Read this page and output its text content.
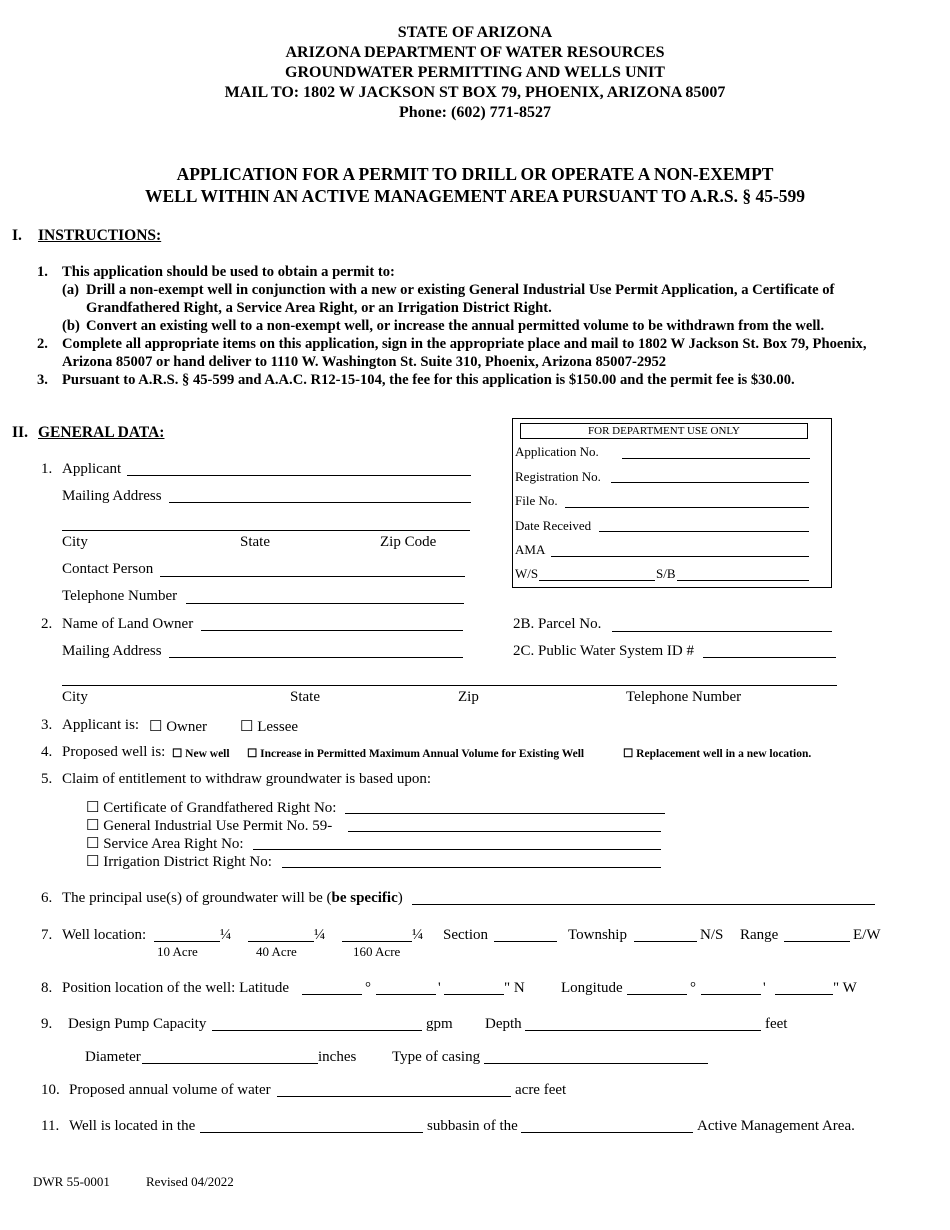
STATE OF ARIZONA
ARIZONA DEPARTMENT OF WATER RESOURCES
GROUNDWATER PERMITTING AND WELLS UNIT
MAIL TO: 1802 W JACKSON ST BOX 79, PHOENIX, ARIZONA 85007
Phone: (602) 771-8527
APPLICATION FOR A PERMIT TO DRILL OR OPERATE A NON-EXEMPT
WELL WITHIN AN ACTIVE MANAGEMENT AREA PURSUANT TO A.R.S. § 45-599
I. INSTRUCTIONS:
1. This application should be used to obtain a permit to:
(a) Drill a non-exempt well in conjunction with a new or existing General Industrial Use Permit Application, a Certificate of
Grandfathered Right, a Service Area Right, or an Irrigation District Right.
(b) Convert an existing well to a non-exempt well, or increase the annual permitted volume to be withdrawn from the well.
2. Complete all appropriate items on this application, sign in the appropriate place and mail to 1802 W Jackson St. Box 79, Phoenix,
Arizona 85007 or hand deliver to 1110 W. Washington St. Suite 310, Phoenix, Arizona 85007-2952
3. Pursuant to A.R.S. § 45-599 and A.A.C. R12-15-104, the fee for this application is $150.00 and the permit fee is $30.00.
II. GENERAL DATA:	FOR DEPARTMENT USE ONLY
Application No.
Registration No.
File No.
Date Received
AMA
W/S	S/B
1. Applicant
Mailing Address
City	State	Zip Code
Contact Person
Telephone Number
2. Name of Land Owner
Mailing Address
2B. Parcel No.
2C. Public Water System ID #
City	State	Zip	Telephone Number
3. Applicant is: ☐ Owner ☐ Lessee
4. Proposed well is: ☐ New well ☐ Increase in Permitted Maximum Annual Volume for Existing Well	☐ Replacement well in a new location.
5. Claim of entitlement to withdraw groundwater is based upon:
☐ Certificate of Grandfathered Right No:
☐ General Industrial Use Permit No. 59-
☐ Service Area Right No:
☐ Irrigation District Right No:
6. The principal use(s) of groundwater will be (be specific)
7. Well location:	¼	¼	¼
10 Acre	40 Acre	160 Acre
Section	Township	N/S Range	E/W
8. Position location of the well: Latitude	°	'	" N Longitude	°	'	" W
9. Design Pump Capacity	gpm Depth	feet
Diameter	inches Type of casing
10. Proposed annual volume of water	acre feet
11. Well is located in the	subbasin of the	Active Management Area.
DWR 55-0001	Revised 04/2022
